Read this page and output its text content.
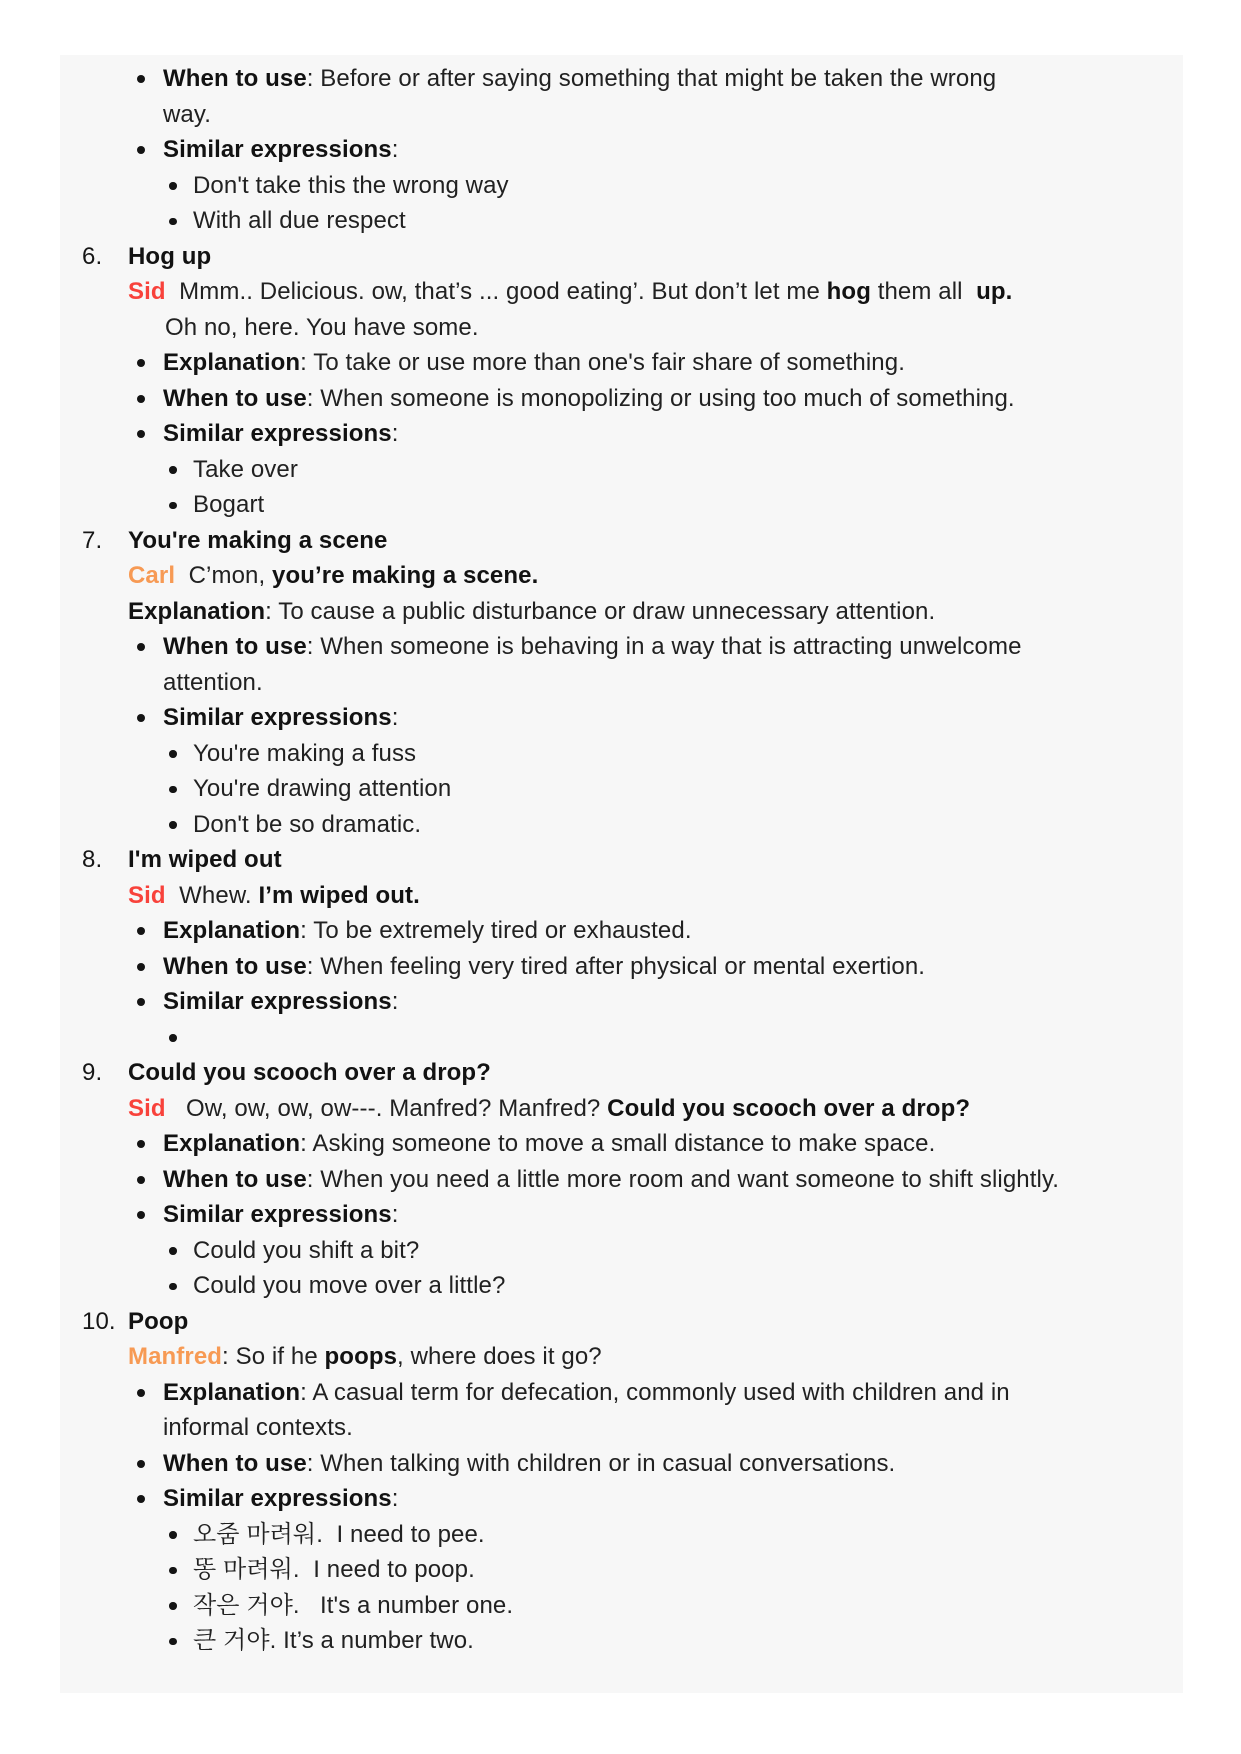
When to use: Before or after saying something that might be taken the wrong
way.
Similar expressions:
Don't take this the wrong way
With all due respect
6. Hog up
Sid  Mmm.. Delicious. ow, that’s ... good eating’. But don’t let me hog them all  up.
Oh no, here. You have some.
Explanation: To take or use more than one's fair share of something.
When to use: When someone is monopolizing or using too much of something.
Similar expressions:
Take over
Bogart
7. You're making a scene
Carl  C’mon, you’re making a scene.
Explanation: To cause a public disturbance or draw unnecessary attention.
When to use: When someone is behaving in a way that is attracting unwelcome
attention.
Similar expressions:
You're making a fuss
You're drawing attention
Don't be so dramatic.
8. I'm wiped out
Sid  Whew. I’m wiped out.
Explanation: To be extremely tired or exhausted.
When to use: When feeling very tired after physical or mental exertion.
Similar expressions:
9. Could you scooch over a drop?
Sid   Ow, ow, ow, ow---. Manfred? Manfred? Could you scooch over a drop?
Explanation: Asking someone to move a small distance to make space.
When to use: When you need a little more room and want someone to shift slightly.
Similar expressions:
Could you shift a bit?
Could you move over a little?
10. Poop
Manfred: So if he poops, where does it go?
Explanation: A casual term for defecation, commonly used with children and in
informal contexts.
When to use: When talking with children or in casual conversations.
Similar expressions:
오줌 마려워.  I need to pee.
똥 마려워.  I need to poop.
작은 거야.   It's a number one.
큰 거야. It’s a number two.
